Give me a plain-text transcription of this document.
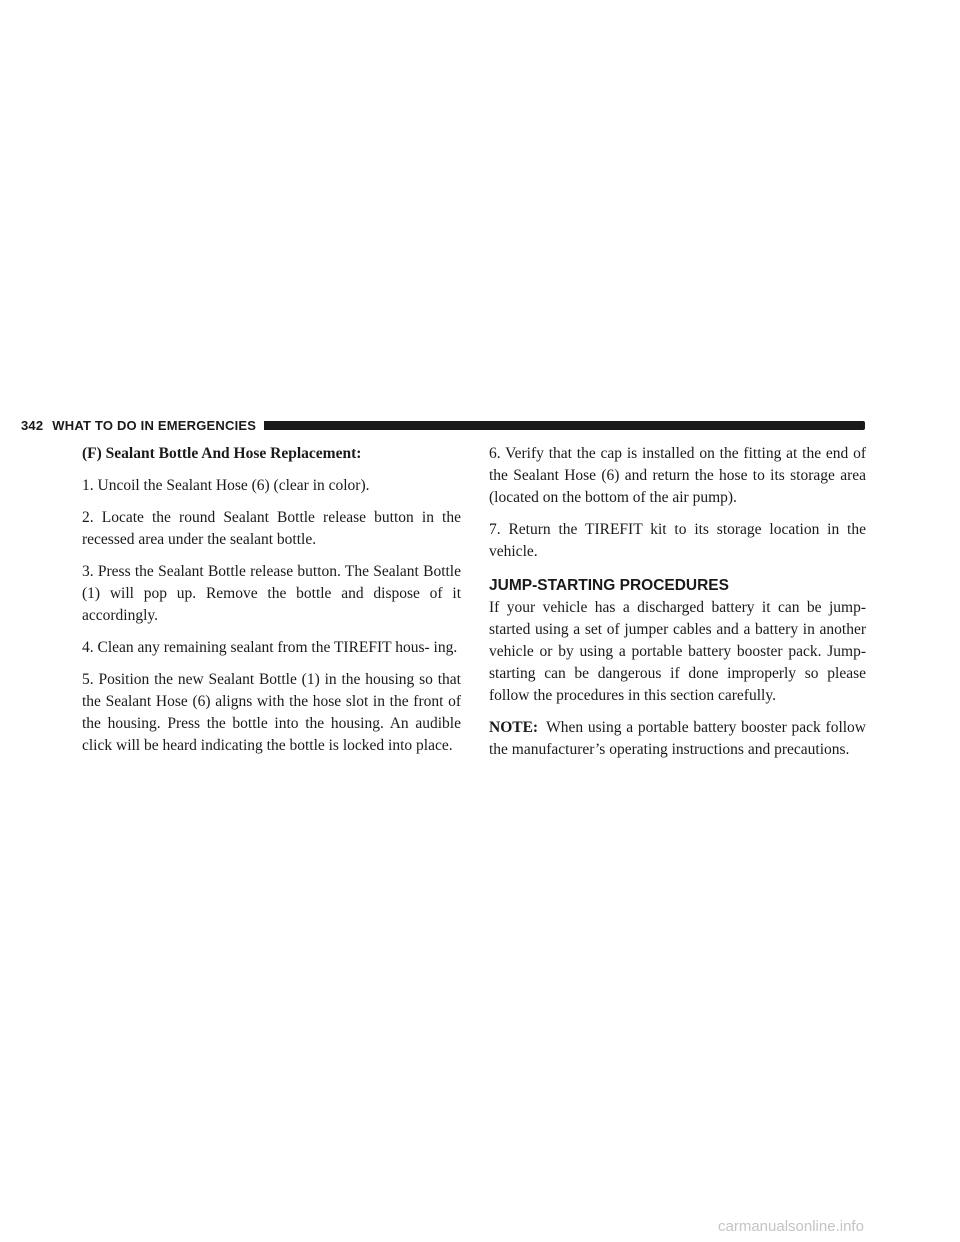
342 WHAT TO DO IN EMERGENCIES

(F) Sealant Bottle And Hose Replacement:

1. Uncoil the Sealant Hose (6) (clear in color).

2. Locate the round Sealant Bottle release button in the recessed area under the sealant bottle.

3. Press the Sealant Bottle release button. The Sealant Bottle (1) will pop up. Remove the bottle and dispose of it accordingly.

4. Clean any remaining sealant from the TIREFIT hous- ing.

5. Position the new Sealant Bottle (1) in the housing so that the Sealant Hose (6) aligns with the hose slot in the front of the housing. Press the bottle into the housing. An audible click will be heard indicating the bottle is locked into place.

6. Verify that the cap is installed on the fitting at the end of the Sealant Hose (6) and return the hose to its storage area (located on the bottom of the air pump).

7. Return the TIREFIT kit to its storage location in the vehicle.

JUMP-STARTING PROCEDURES

If your vehicle has a discharged battery it can be jump- started using a set of jumper cables and a battery in another vehicle or by using a portable battery booster pack. Jump-starting can be dangerous if done improperly so please follow the procedures in this section carefully.

NOTE: When using a portable battery booster pack follow the manufacturer’s operating instructions and precautions.

carmanualsonline.info
